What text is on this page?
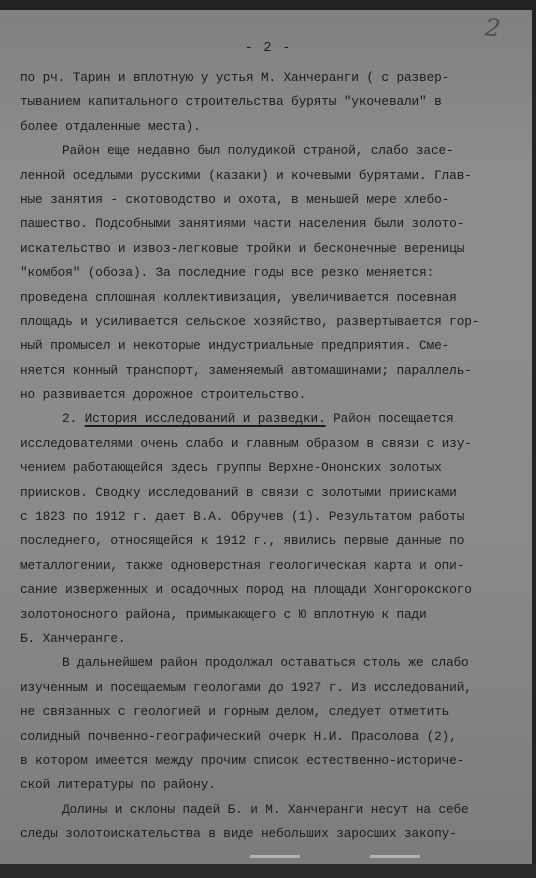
2
- 2 -
по рч. Тарин и вплотную у устья М. Ханчеранги ( с развер-
тыванием капитального строительства буряты "укочевали" в
более отдаленные места).
Район еще недавно был полудикой страной, слабо засе-
ленной оседлыми русскими (казаки) и кочевыми бурятами. Глав-
ные занятия - скотоводство и охота, в меньшей мере хлебо-
пашество. Подсобными занятиями части населения были золото-
искательство и извоз-легковые тройки и бесконечные вереницы
"комбоя" (обоза). За последние годы все резко меняется:
проведена сплошная коллективизация, увеличивается посевная
площадь и усиливается сельское хозяйство, развертывается гор-
ный промысел и некоторые индустриальные предприятия. Сме-
няется конный транспорт, заменяемый автомашинами; параллель-
но развивается дорожное строительство.
2. История исследований и разведки. Район посещается
исследователями очень слабо и главным образом в связи с изу-
чением работающейся здесь группы Верхне-Ононских золотых
приисков. Сводку исследований в связи с золотыми приисками
с 1823 по 1912 г. дает В.А. Обручев (1). Результатом работы
последнего, относящейся к 1912 г., явились первые данные по
металлогении, также одноверстная геологическая карта и опи-
сание изверженных и осадочных пород на площади Хонгорокского
золотоносного района, примыкающего с Ю вплотную к пади
Б. Ханчеранге.
В дальнейшем район продолжал оставаться столь же слабо
изученным и посещаемым геологами до 1927 г. Из исследований,
не связанных с геологией и горным делом, следует отметить
солидный почвенно-географический очерк Н.И. Прасолова (2),
в котором имеется между прочим список естественно-историче-
ской литературы по району.
Долины и склоны падей Б. и М. Ханчеранги несут на себе
следы золотоискательства в виде небольших заросших закопу-
